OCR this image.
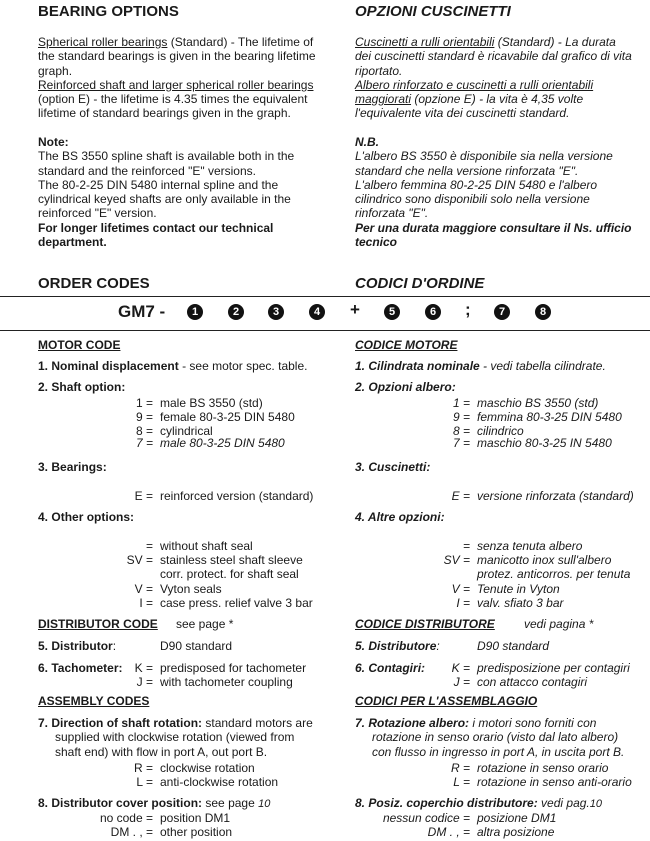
BEARING OPTIONS	OPZIONI CUSCINETTI
Spherical roller bearings (Standard) - The lifetime of
the standard bearings is given in the bearing lifetime
graph.
Reinforced shaft and larger spherical roller bearings
(option E) - the lifetime is 4.35 times the equivalent
lifetime of standard bearings given in the graph.
Cuscinetti a rulli orientabili (Standard) - La durata
dei cuscinetti standard è ricavabile dal grafico di vita
riportato.
Albero rinforzato e cuscinetti a rulli orientabili
maggiorati (opzione E) - la vita è 4,35 volte
l'equivalente vita dei cuscinetti standard.
Note:
The BS 3550 spline shaft is available both in the
standard and the reinforced "E" versions.
The 80-2-25 DIN 5480 internal spline and the
cylindrical keyed shafts are only available in the
reinforced "E" version.
For longer lifetimes contact our technical
department.
N.B.
L'albero BS 3550 è disponibile sia nella versione
standard che nella versione rinforzata "E".
L'albero femmina 80-2-25 DIN 5480 e l'albero
cilindrico sono disponibili solo nella versione
rinforzata "E".
Per una durata maggiore consultare il Ns. ufficio
tecnico
ORDER CODES	CODICI D'ORDINE
GM7 -	1	2	3	4 +	5	6 ;	7	8
MOTOR CODE	CODICE MOTORE
1. Nominal displacement - see motor spec. table.	1. Cilindrata nominale - vedi tabella cilindrate.
2. Shaft option:	2. Opzioni albero:
1 = male BS 3550 (std)
9 = female 80-3-25 DIN 5480
8 = cylindrical
7 = male 80-3-25 DIN 5480
1 = maschio BS 3550 (std)
9 = femmina 80-3-25 DIN 5480
8 = cilindrico
7 = maschio 80-3-25 IN 5480
3. Bearings:	3. Cuscinetti:
E = reinforced version (standard)	E = versione rinforzata (standard)
4. Other options:	4. Altre opzioni:
= without shaft seal
SV = stainless steel shaft sleeve
corr. protect. for shaft seal
V = Vyton seals
I = case press. relief valve 3 bar
= senza tenuta albero
SV = manicotto inox sull'albero
protez. anticorros. per tenuta
V = Tenute in Vyton
I = valv. sfiato 3 bar
DISTRIBUTOR CODE see page *	CODICE DISTRIBUTORE vedi pagina *
5. Distributor:	D90 standard	5. Distributore:	D90 standard
6. Tachometer: K = predisposed for tachometer
J = with tachometer coupling
6. Contagiri: K = predisposizione per contagiri
J = con attacco contagiri
ASSEMBLY CODES	CODICI PER L'ASSEMBLAGGIO
7. Direction of shaft rotation: standard motors are
supplied with clockwise rotation (viewed from
shaft end) with flow in port A, out port B.
R = clockwise rotation
L = anti-clockwise rotation
7. Rotazione albero: i motori sono forniti con
rotazione in senso orario (visto dal lato albero)
con flusso in ingresso in port A, in uscita port B.
R = rotazione in senso orario
L = rotazione in senso anti-orario
8. Distributor cover position: see page 10
no code = position DM1
DM . , = other position
8. Posiz. coperchio distributore: vedi pag.10
nessun codice = posizione DM1
DM . , = altra posizione
